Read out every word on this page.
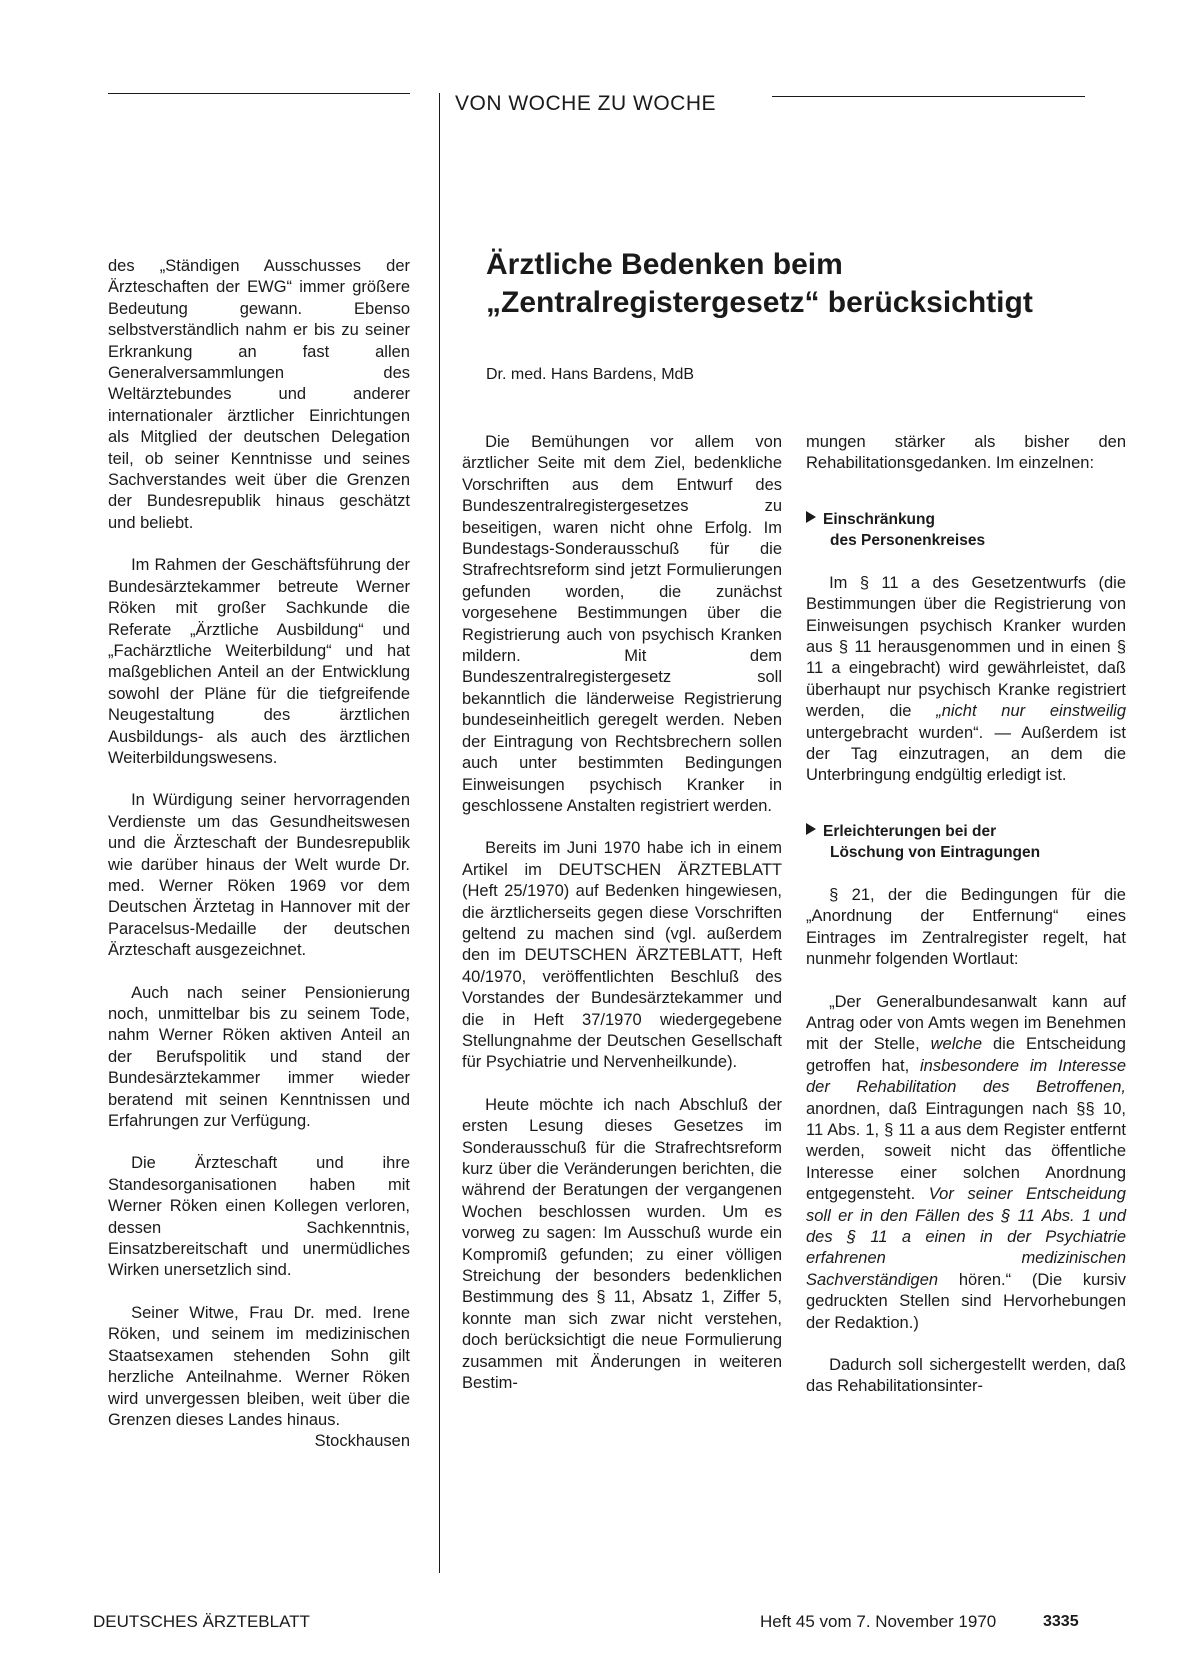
VON WOCHE ZU WOCHE
Ärztliche Bedenken beim
„Zentralregistergesetz“ berücksichtigt
Dr. med. Hans Bardens, MdB

des „Ständigen Ausschusses der Ärzteschaften der EWG“ immer größere Bedeutung gewann. Ebenso selbstverständlich nahm er bis zu seiner Erkrankung an fast allen Generalversammlungen des Weltärztebundes und anderer internationaler ärztlicher Einrichtungen als Mitglied der deutschen Delegation teil, ob seiner Kenntnisse und seines Sachverstandes weit über die Grenzen der Bundesrepublik hinaus geschätzt und beliebt.

Im Rahmen der Geschäftsführung der Bundesärztekammer betreute Werner Röken mit großer Sachkunde die Referate „Ärztliche Ausbildung“ und „Fachärztliche Weiterbildung“ und hat maßgeblichen Anteil an der Entwicklung sowohl der Pläne für die tiefgreifende Neugestaltung des ärztlichen Ausbildungs- als auch des ärztlichen Weiterbildungswesens.

In Würdigung seiner hervorragenden Verdienste um das Gesundheitswesen und die Ärzteschaft der Bundesrepublik wie darüber hinaus der Welt wurde Dr. med. Werner Röken 1969 vor dem Deutschen Ärztetag in Hannover mit der Paracelsus-Medaille der deutschen Ärzteschaft ausgezeichnet.

Auch nach seiner Pensionierung noch, unmittelbar bis zu seinem Tode, nahm Werner Röken aktiven Anteil an der Berufspolitik und stand der Bundesärztekammer immer wieder beratend mit seinen Kenntnissen und Erfahrungen zur Verfügung.

Die Ärzteschaft und ihre Standesorganisationen haben mit Werner Röken einen Kollegen verloren, dessen Sachkenntnis, Einsatzbereitschaft und unermüdliches Wirken unersetzlich sind.

Seiner Witwe, Frau Dr. med. Irene Röken, und seinem im medizinischen Staatsexamen stehenden Sohn gilt herzliche Anteilnahme. Werner Röken wird unvergessen bleiben, weit über die Grenzen dieses Landes hinaus.

Stockhausen

Die Bemühungen vor allem von ärztlicher Seite mit dem Ziel, bedenkliche Vorschriften aus dem Entwurf des Bundeszentralregistergesetzes zu beseitigen, waren nicht ohne Erfolg. Im Bundestags-Sonderausschuß für die Strafrechtsreform sind jetzt Formulierungen gefunden worden, die zunächst vorgesehene Bestimmungen über die Registrierung auch von psychisch Kranken mildern. Mit dem Bundeszentralregistergesetz soll bekanntlich die länderweise Registrierung bundeseinheitlich geregelt werden. Neben der Eintragung von Rechtsbrechern sollen auch unter bestimmten Bedingungen Einweisungen psychisch Kranker in geschlossene Anstalten registriert werden.

Bereits im Juni 1970 habe ich in einem Artikel im DEUTSCHEN ÄRZTEBLATT (Heft 25/1970) auf Bedenken hingewiesen, die ärztlicherseits gegen diese Vorschriften geltend zu machen sind (vgl. außerdem den im DEUTSCHEN ÄRZTEBLATT, Heft 40/1970, veröffentlichten Beschluß des Vorstandes der Bundesärztekammer und die in Heft 37/1970 wiedergegebene Stellungnahme der Deutschen Gesellschaft für Psychiatrie und Nervenheilkunde).

Heute möchte ich nach Abschluß der ersten Lesung dieses Gesetzes im Sonderausschuß für die Strafrechtsreform kurz über die Veränderungen berichten, die während der Beratungen der vergangenen Wochen beschlossen wurden. Um es vorweg zu sagen: Im Ausschuß wurde ein Kompromiß gefunden; zu einer völligen Streichung der besonders bedenklichen Bestimmung des § 11, Absatz 1, Ziffer 5, konnte man sich zwar nicht verstehen, doch berücksichtigt die neue Formulierung zusammen mit Änderungen in weiteren Bestim-

mungen stärker als bisher den Rehabilitationsgedanken. Im einzelnen:

Einschränkung
des Personenkreises

Im § 11 a des Gesetzentwurfs (die Bestimmungen über die Registrierung von Einweisungen psychisch Kranker wurden aus § 11 herausgenommen und in einen § 11 a eingebracht) wird gewährleistet, daß überhaupt nur psychisch Kranke registriert werden, die „nicht nur einstweilig untergebracht wurden“. — Außerdem ist der Tag einzutragen, an dem die Unterbringung endgültig erledigt ist.

Erleichterungen bei der
Löschung von Eintragungen

§ 21, der die Bedingungen für die „Anordnung der Entfernung“ eines Eintrages im Zentralregister regelt, hat nunmehr folgenden Wortlaut:

„Der Generalbundesanwalt kann auf Antrag oder von Amts wegen im Benehmen mit der Stelle, welche die Entscheidung getroffen hat, insbesondere im Interesse der Rehabilitation des Betroffenen, anordnen, daß Eintragungen nach §§ 10, 11 Abs. 1, § 11 a aus dem Register entfernt werden, soweit nicht das öffentliche Interesse einer solchen Anordnung entgegensteht. Vor seiner Entscheidung soll er in den Fällen des § 11 Abs. 1 und des § 11 a einen in der Psychiatrie erfahrenen medizinischen Sachverständigen hören.“ (Die kursiv gedruckten Stellen sind Hervorhebungen der Redaktion.)

Dadurch soll sichergestellt werden, daß das Rehabilitationsinter-

DEUTSCHES ÄRZTEBLATT	Heft 45 vom 7. November 1970	3335
